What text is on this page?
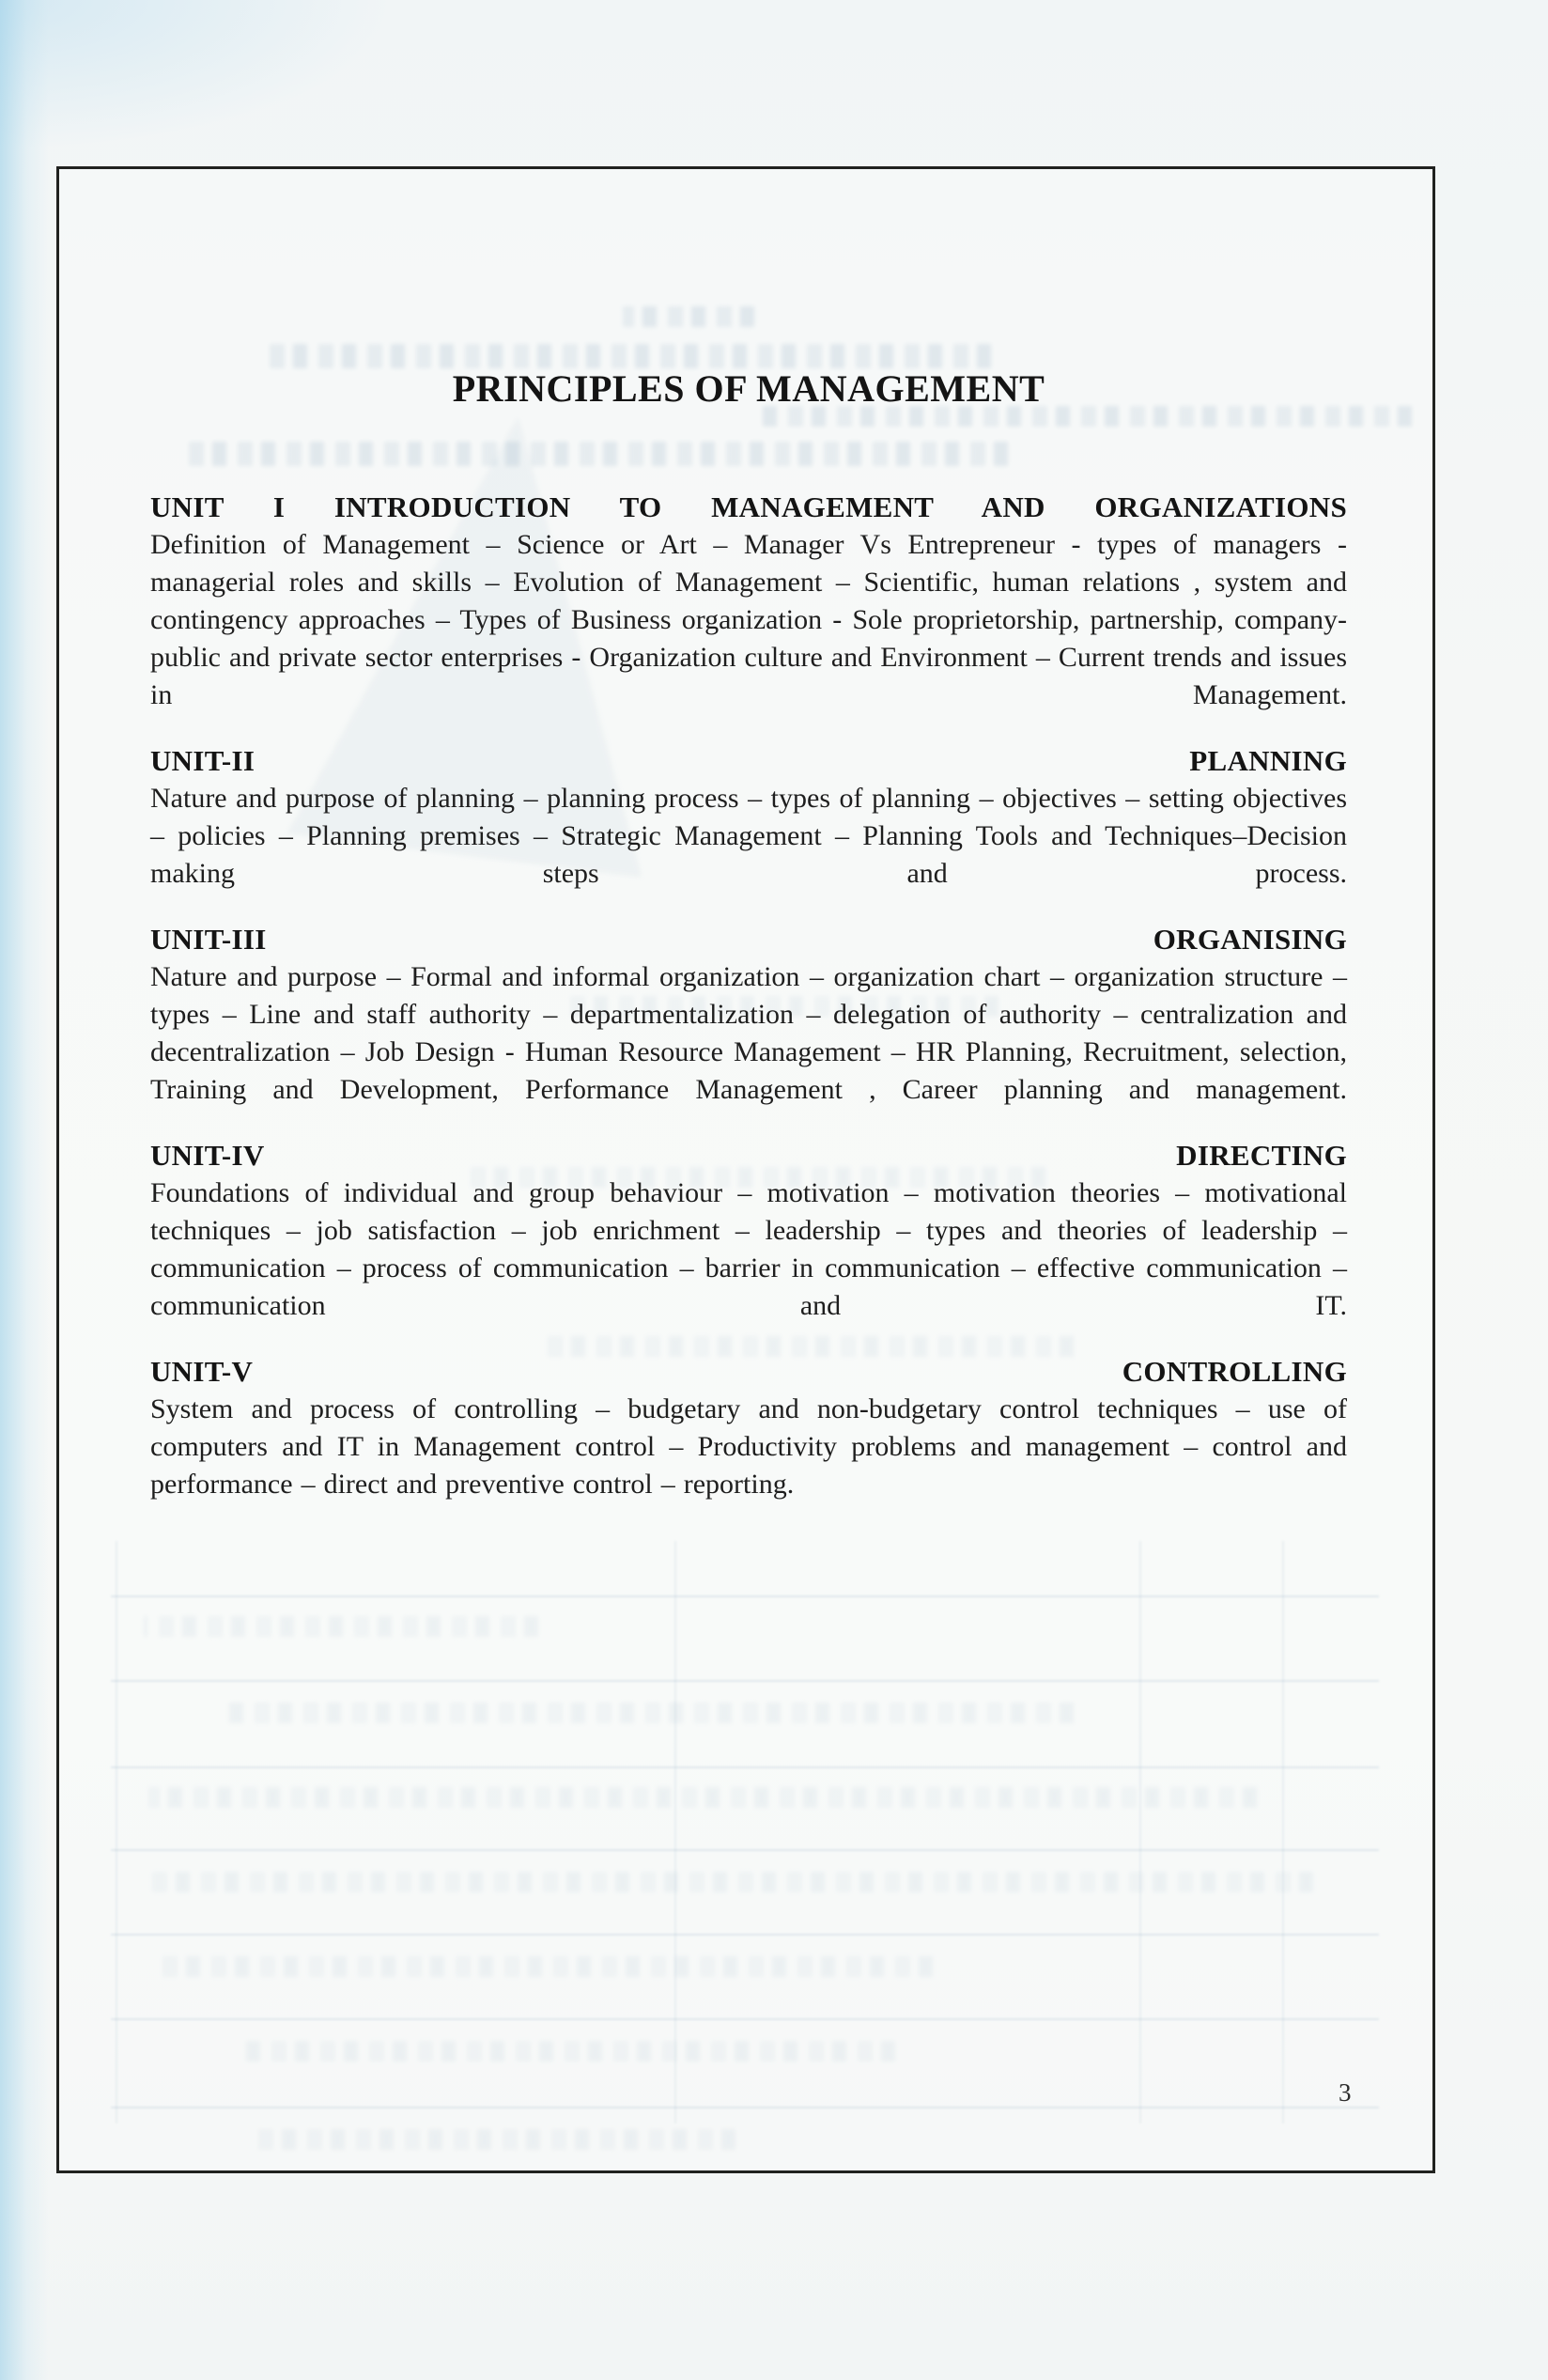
PRINCIPLES OF MANAGEMENT
UNIT I INTRODUCTION TO MANAGEMENT AND ORGANIZATIONS

Definition of Management – Science or Art – Manager Vs Entrepreneur - types of managers - managerial roles and skills – Evolution of Management – Scientific, human relations , system and contingency approaches – Types of Business organization - Sole proprietorship, partnership, company-public and private sector enterprises - Organization culture and Environment – Current trends and issues in Management.

UNIT-II	PLANNING

Nature and purpose of planning – planning process – types of planning – objectives – setting objectives – policies – Planning premises – Strategic Management – Planning Tools and Techniques–Decision making steps and process.

UNIT-III	ORGANISING

Nature and purpose – Formal and informal organization – organization chart – organization structure – types – Line and staff authority – departmentalization – delegation of authority – centralization and decentralization – Job Design - Human Resource Management – HR Planning, Recruitment, selection, Training and Development, Performance Management , Career planning and management.

UNIT-IV	DIRECTING

Foundations of individual and group behaviour – motivation – motivation theories – motivational techniques – job satisfaction – job enrichment – leadership – types and theories of leadership – communication – process of communication – barrier in communication – effective communication – communication and IT.

UNIT-V	CONTROLLING

System and process of controlling – budgetary and non-budgetary control techniques – use of computers and IT in Management control – Productivity problems and management – control and performance – direct and preventive control – reporting.

3
